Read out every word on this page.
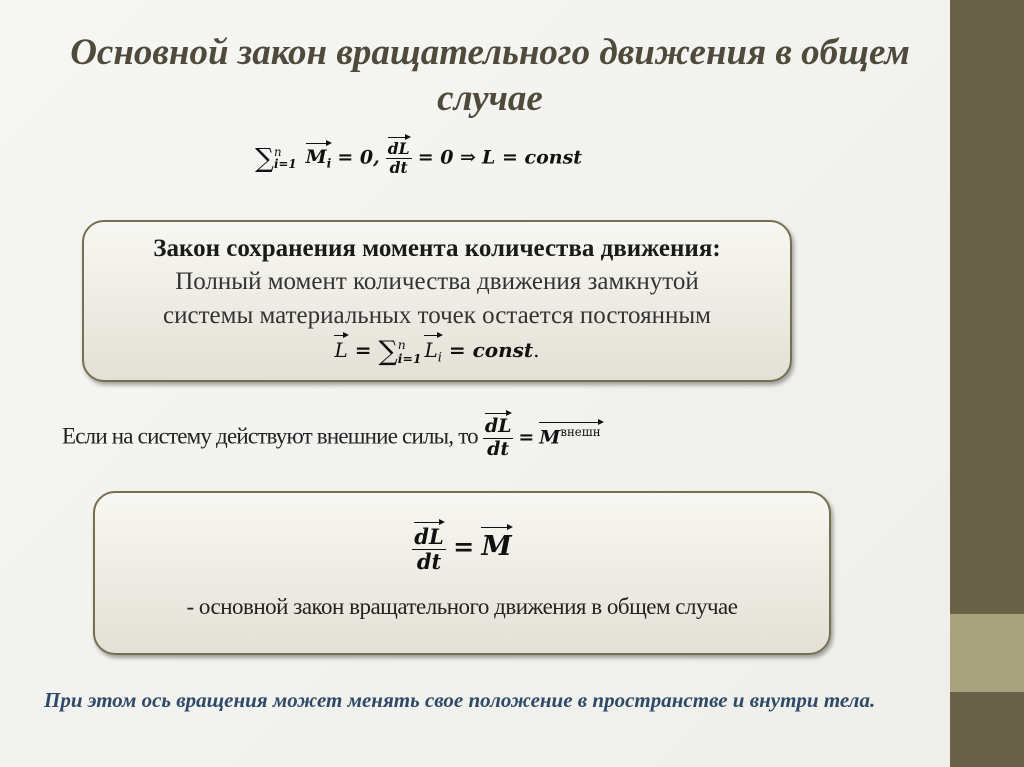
Основной закон вращательного движения в общем случае
∑ n
i=1 $M_i = 0$, $\frac{dL}{dt} = 0$ ⇒ L = const
Закон сохранения момента количества движения:
Полный момент количества движения замкнутой
системы материальных точек остается постоянным
L = ∑ n
i=1 $L_i$ = const.
Если на систему действуют внешние силы, то $\frac{dL}{dt} = M^{внешн}$
$\frac{dL}{dt} = M$
- основной закон вращательного движения в общем случае
При этом ось вращения может менять свое положение в пространстве и внутри тела.
